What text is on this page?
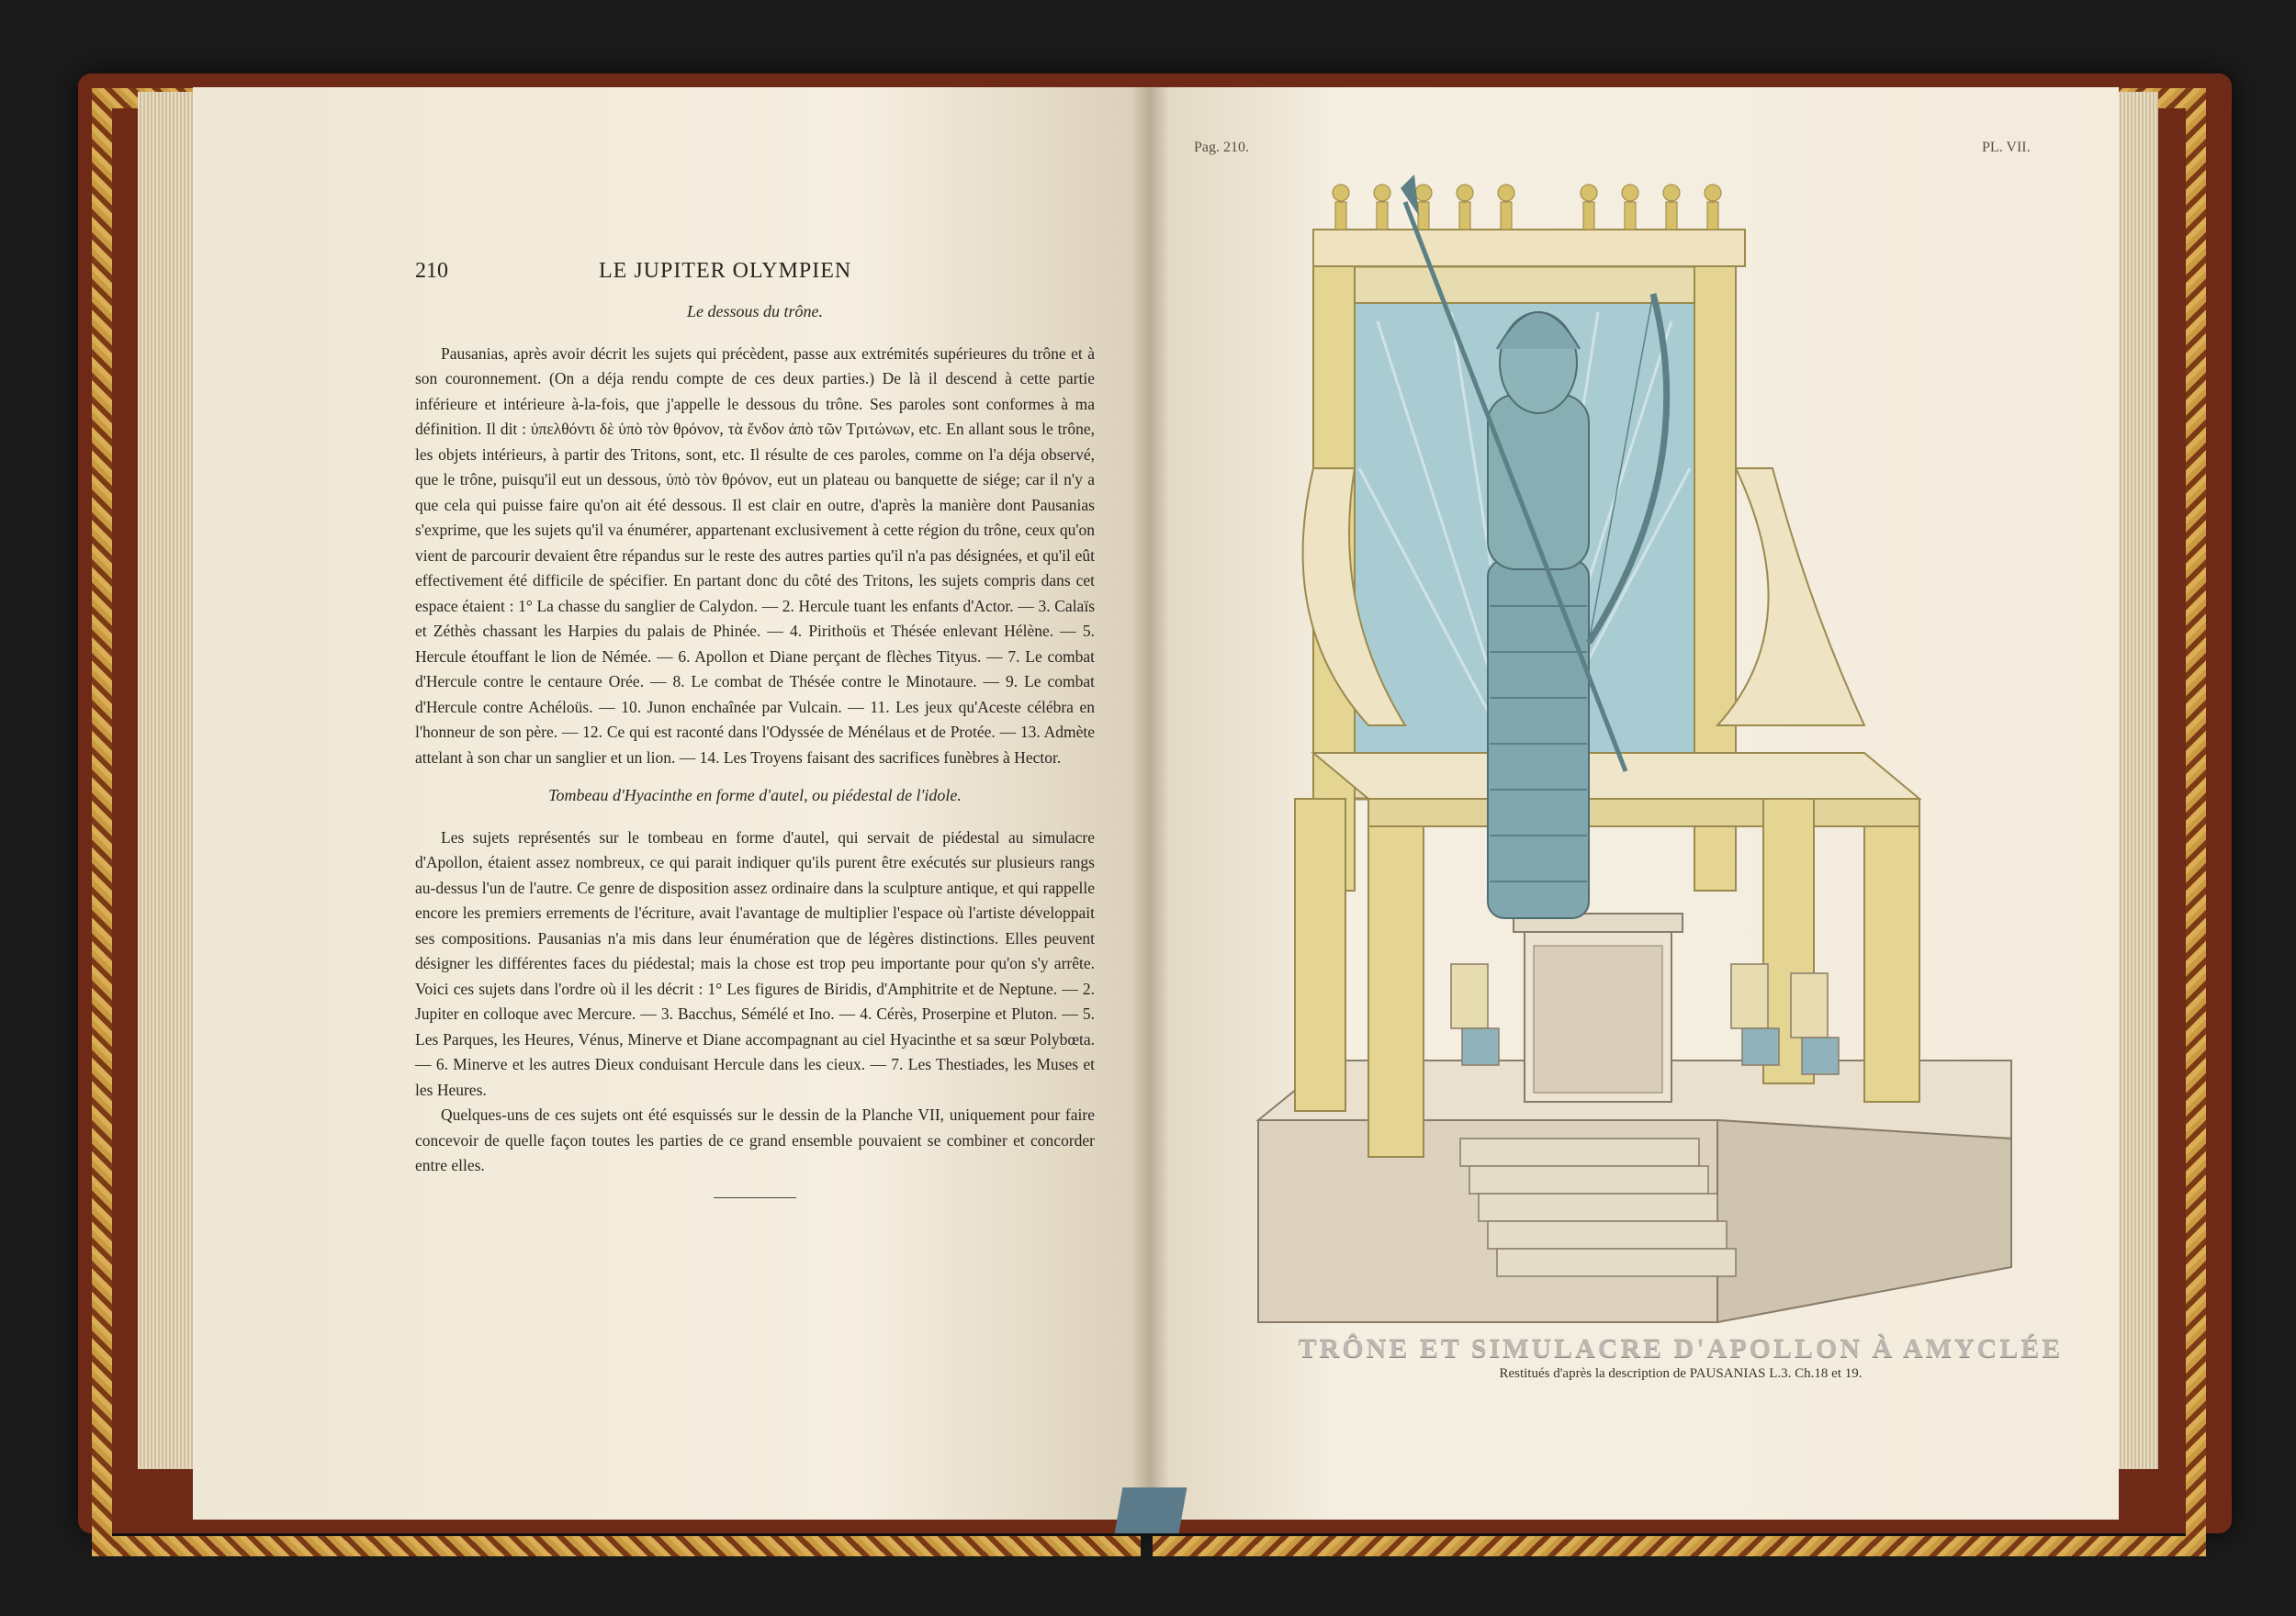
210	LE JUPITER OLYMPIEN

Le dessous du trône.

Pausanias, après avoir décrit les sujets qui précèdent, passe aux extrémités supérieures du trône et à son couronnement. (On a déja rendu compte de ces deux parties.) De là il descend à cette partie inférieure et intérieure à-la-fois, que j'appelle le dessous du trône. Ses paroles sont conformes à ma définition. Il dit : ὑπελθόντι δὲ ὑπὸ τὸν θρόνον, τὰ ἔνδον ἀπὸ τῶν Τριτώνων, etc. En allant sous le trône, les objets intérieurs, à partir des Tritons, sont, etc. Il résulte de ces paroles, comme on l'a déja observé, que le trône, puisqu'il eut un dessous, ὑπὸ τὸν θρόνον, eut un plateau ou banquette de siége; car il n'y a que cela qui puisse faire qu'on ait été dessous. Il est clair en outre, d'après la manière dont Pausanias s'exprime, que les sujets qu'il va énumérer, appartenant exclusivement à cette région du trône, ceux qu'on vient de parcourir devaient être répandus sur le reste des autres parties qu'il n'a pas désignées, et qu'il eût effectivement été difficile de spécifier. En partant donc du côté des Tritons, les sujets compris dans cet espace étaient : 1° La chasse du sanglier de Calydon. — 2. Hercule tuant les enfants d'Actor. — 3. Calaïs et Zéthès chassant les Harpies du palais de Phinée. — 4. Pirithoüs et Thésée enlevant Hélène. — 5. Hercule étouffant le lion de Némée. — 6. Apollon et Diane perçant de flèches Tityus. — 7. Le combat d'Hercule contre le centaure Orée. — 8. Le combat de Thésée contre le Minotaure. — 9. Le combat d'Hercule contre Achéloüs. — 10. Junon enchaînée par Vulcain. — 11. Les jeux qu'Aceste célébra en l'honneur de son père. — 12. Ce qui est raconté dans l'Odyssée de Ménélaus et de Protée. — 13. Admète attelant à son char un sanglier et un lion. — 14. Les Troyens faisant des sacrifices funèbres à Hector.

Tombeau d'Hyacinthe en forme d'autel, ou piédestal de l'idole.

Les sujets représentés sur le tombeau en forme d'autel, qui servait de piédestal au simulacre d'Apollon, étaient assez nombreux, ce qui parait indiquer qu'ils purent être exécutés sur plusieurs rangs au-dessus l'un de l'autre. Ce genre de disposition assez ordinaire dans la sculpture antique, et qui rappelle encore les premiers errements de l'écriture, avait l'avantage de multiplier l'espace où l'artiste développait ses compositions. Pausanias n'a mis dans leur énumération que de légères distinctions. Elles peuvent désigner les différentes faces du piédestal; mais la chose est trop peu importante pour qu'on s'y arrête. Voici ces sujets dans l'ordre où il les décrit : 1° Les figures de Biridis, d'Amphitrite et de Neptune. — 2. Jupiter en colloque avec Mercure. — 3. Bacchus, Sémélé et Ino. — 4. Cérès, Proserpine et Pluton. — 5. Les Parques, les Heures, Vénus, Minerve et Diane accompagnant au ciel Hyacinthe et sa sœur Polybœta. — 6. Minerve et les autres Dieux conduisant Hercule dans les cieux. — 7. Les Thestiades, les Muses et les Heures.

Quelques-uns de ces sujets ont été esquissés sur le dessin de la Planche VII, uniquement pour faire concevoir de quelle façon toutes les parties de ce grand ensemble pouvaient se combiner et concorder entre elles.

Pag. 210.	PL. VII.
TRÔNE ET SIMULACRE D'APOLLON À AMYCLÉE
Restitués d'après la description de PAUSANIAS L.3. Ch.18 et 19.
